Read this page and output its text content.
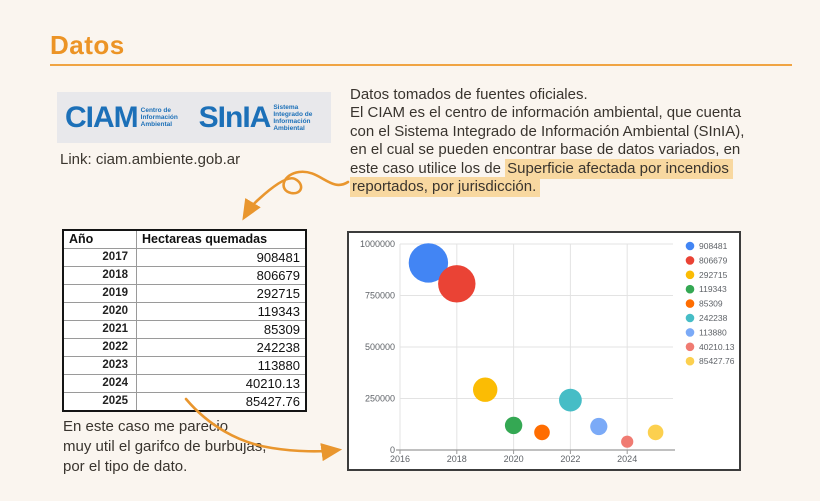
Datos
CIAM Centro de Información Ambiental SInIA Sistema Integrado de Información Ambiental
Link: ciam.ambiente.gob.ar
Datos tomados de fuentes oficiales.
El CIAM es el centro de información ambiental, que cuenta
con el Sistema Integrado de Información Ambiental (SInIA),
en el cual se pueden encontrar base de datos variados, en
este caso utilice los de Superficie afectada por incendios
reportados, por jurisdicción.
Año	Hectareas quemadas
2017	908481
2018	806679
2019	292715
2020	119343
2021	85309
2022	242238
2023	113880
2024	40210.13
2025	85427.76
En este caso me parecio
muy util el garifco de burbujas,
por el tipo de dato.
0
250000
500000
750000
1000000
2016	2018	2020	2022	2024
908481
806679
292715
119343
85309
242238
113880
40210.13
85427.76
